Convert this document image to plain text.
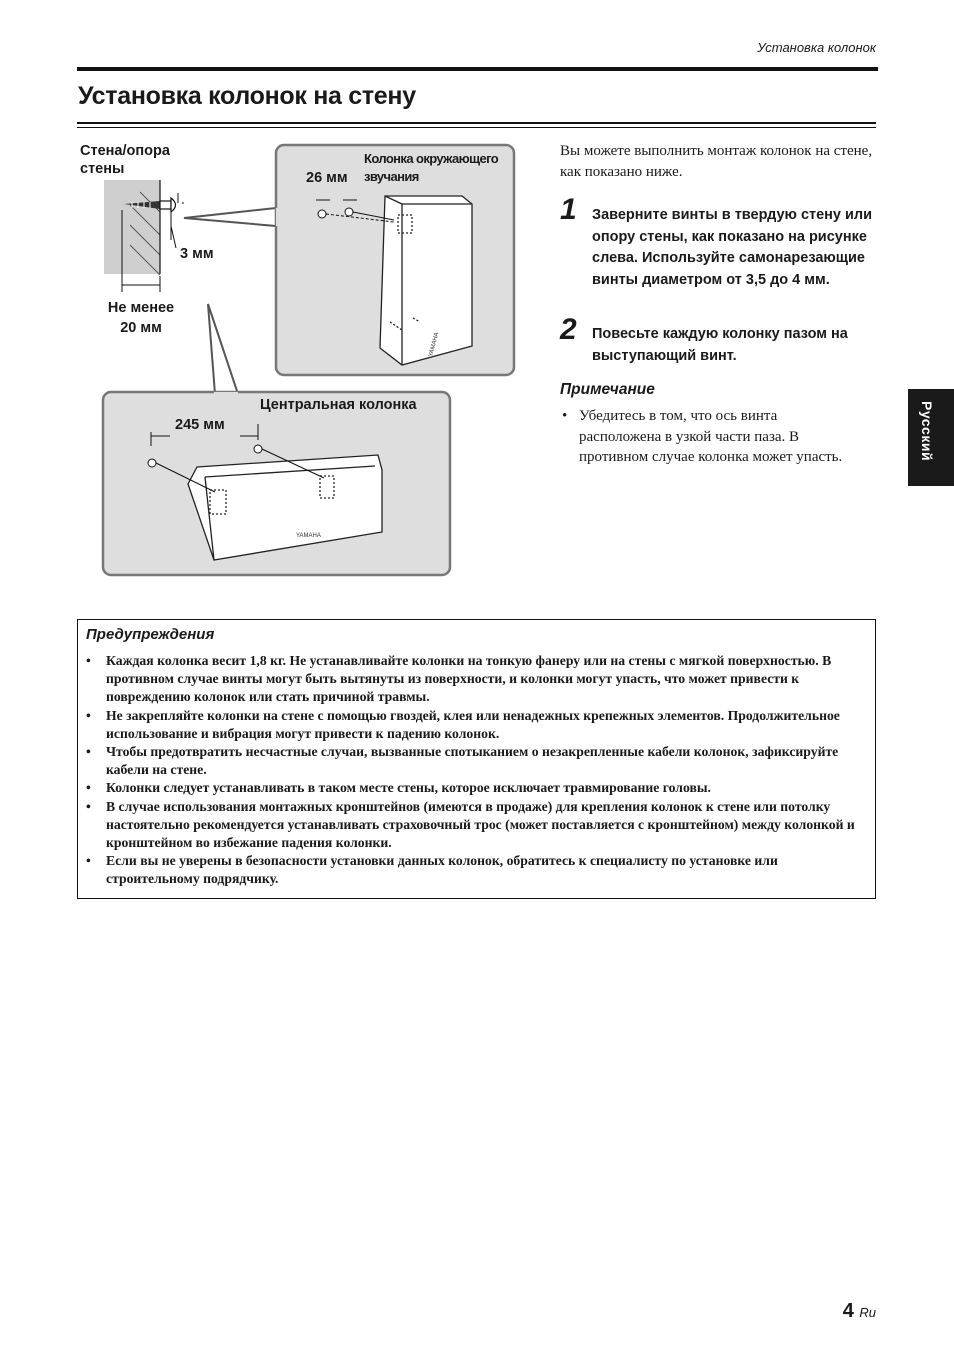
Установка колонок
Установка колонок на стену
YAMAHA
YAMAHA
Стена/опора
стены
3 мм
Не менее
20 мм
26 мм
Колонка окружающего
звучания
Центральная колонка
245 мм
Вы можете выполнить монтаж колонок на стене, как показано ниже.
1 Заверните винты в твердую стену или опору стены, как показано на рисунке слева. Используйте самонарезающие винты диаметром от 3,5 до 4 мм.
2 Повесьте каждую колонку пазом на выступающий винт.
Примечание
• Убедитесь в том, что ось винта расположена в узкой части паза. В противном случае колонка может упасть.	Русский
Предупреждения
• Каждая колонка весит 1,8 кг. Не устанавливайте колонки на тонкую фанеру или на стены с мягкой поверхностью. В противном случае винты могут быть вытянуты из поверхности, и колонки могут упасть, что может привести к повреждению колонок или стать причиной травмы.
• Не закрепляйте колонки на стене с помощью гвоздей, клея или ненадежных крепежных элементов. Продолжительное использование и вибрация могут привести к падению колонок.
• Чтобы предотвратить несчастные случаи, вызванные спотыканием о незакрепленные кабели колонок, зафиксируйте кабели на стене.
• Колонки следует устанавливать в таком месте стены, которое исключает травмирование головы.
• В случае использования монтажных кронштейнов (имеются в продаже) для крепления колонок к стене или потолку настоятельно рекомендуется устанавливать страховочный трос (может поставляется с кронштейном) между колонкой и кронштейном во избежание падения колонки.
• Если вы не уверены в безопасности установки данных колонок, обратитесь к специалисту по установке или строительному подрядчику.
4 Ru
